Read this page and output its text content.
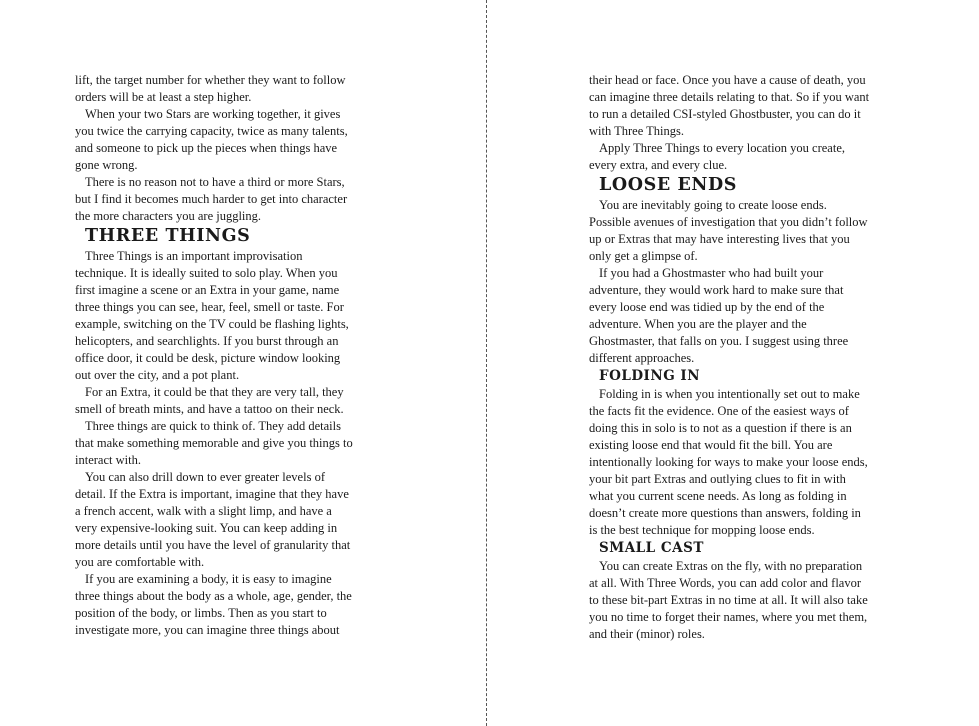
lift, the target number for whether they want to follow
orders will be at least a step higher.
When your two Stars are working together, it gives
you twice the carrying capacity, twice as many talents,
and someone to pick up the pieces when things have
gone wrong.
There is no reason not to have a third or more Stars,
but I find it becomes much harder to get into character
the more characters you are juggling.
THREE THINGS
Three Things is an important improvisation
technique. It is ideally suited to solo play. When you
first imagine a scene or an Extra in your game, name
three things you can see, hear, feel, smell or taste. For
example, switching on the TV could be flashing lights,
helicopters, and searchlights. If you burst through an
office door, it could be desk, picture window looking
out over the city, and a pot plant.
For an Extra, it could be that they are very tall, they
smell of breath mints, and have a tattoo on their neck.
Three things are quick to think of. They add details
that make something memorable and give you things to
interact with.
You can also drill down to ever greater levels of
detail. If the Extra is important, imagine that they have
a french accent, walk with a slight limp, and have a
very expensive-looking suit. You can keep adding in
more details until you have the level of granularity that
you are comfortable with.
If you are examining a body, it is easy to imagine
three things about the body as a whole, age, gender, the
position of the body, or limbs. Then as you start to
investigate more, you can imagine three things about
their head or face. Once you have a cause of death, you
can imagine three details relating to that. So if you want
to run a detailed CSI-styled Ghostbuster, you can do it
with Three Things.
Apply Three Things to every location you create,
every extra, and every clue.
LOOSE ENDS
You are inevitably going to create loose ends.
Possible avenues of investigation that you didn’t follow
up or Extras that may have interesting lives that you
only get a glimpse of.
If you had a Ghostmaster who had built your
adventure, they would work hard to make sure that
every loose end was tidied up by the end of the
adventure. When you are the player and the
Ghostmaster, that falls on you. I suggest using three
different approaches.
FOLDING IN
Folding in is when you intentionally set out to make
the facts fit the evidence. One of the easiest ways of
doing this in solo is to not as a question if there is an
existing loose end that would fit the bill. You are
intentionally looking for ways to make your loose ends,
your bit part Extras and outlying clues to fit in with
what you current scene needs. As long as folding in
doesn’t create more questions than answers, folding in
is the best technique for mopping loose ends.
SMALL CAST
You can create Extras on the fly, with no preparation
at all. With Three Words, you can add color and flavor
to these bit-part Extras in no time at all. It will also take
you no time to forget their names, where you met them,
and their (minor) roles.
